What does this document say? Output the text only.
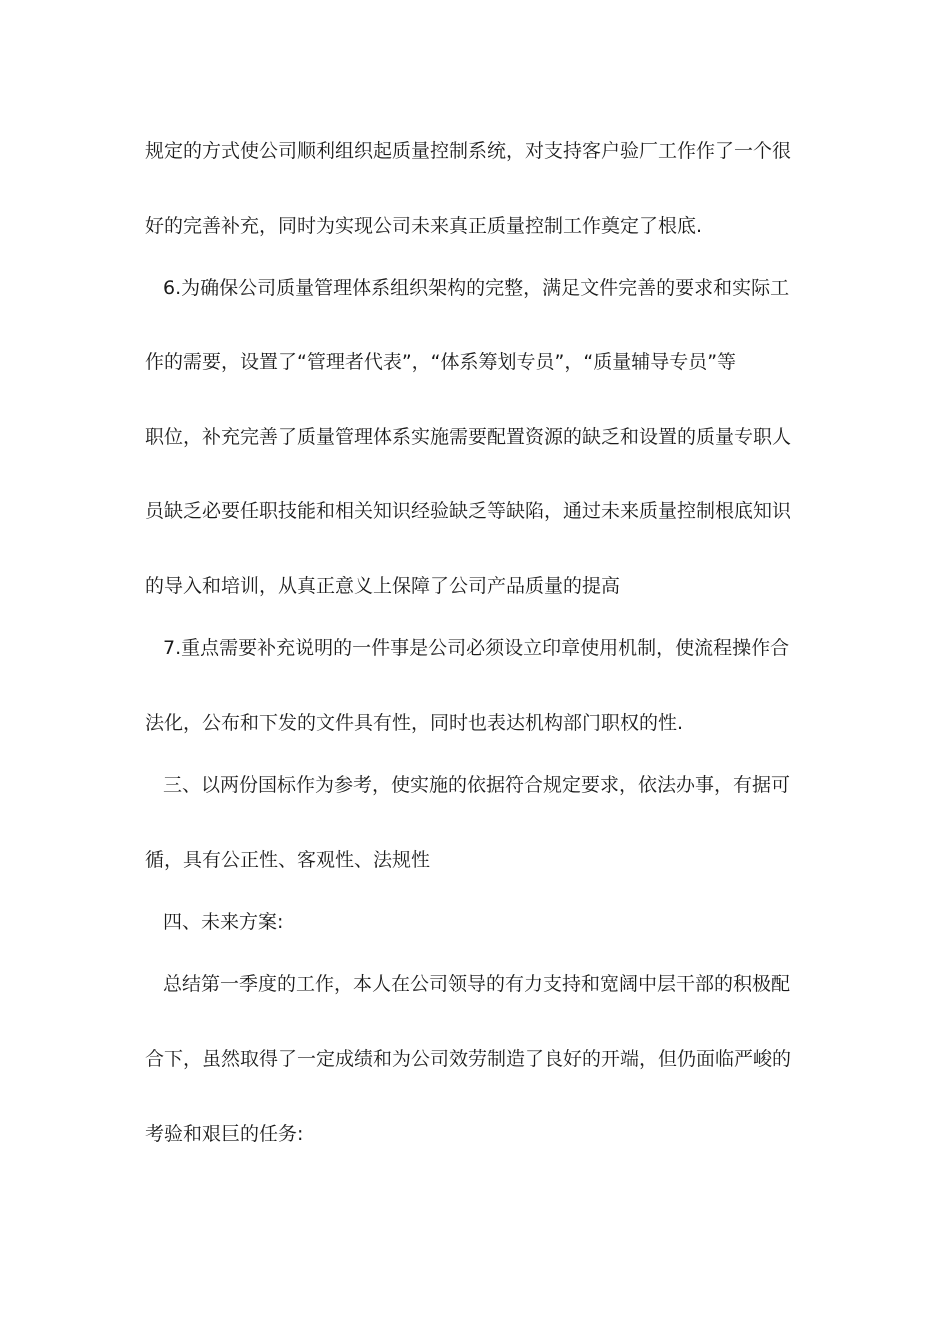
规定的方式使公司顺利组织起质量控制系统，对支持客户验厂工作作了一个很
好的完善补充，同时为实现公司未来真正质量控制工作奠定了根底.
6.为确保公司质量管理体系组织架构的完整，满足文件完善的要求和实际工
作的需要，设置了“管理者代表”，“体系筹划专员”，“质量辅导专员”等
职位，补充完善了质量管理体系实施需要配置资源的缺乏和设置的质量专职人
员缺乏必要任职技能和相关知识经验缺乏等缺陷，通过未来质量控制根底知识
的导入和培训，从真正意义上保障了公司产品质量的提高
7.重点需要补充说明的一件事是公司必须设立印章使用机制，使流程操作合
法化，公布和下发的文件具有性，同时也表达机构部门职权的性.
三、以两份国标作为参考，使实施的依据符合规定要求，依法办事，有据可
循，具有公正性、客观性、法规性
四、未来方案:
总结第一季度的工作，本人在公司领导的有力支持和宽阔中层干部的积极配
合下，虽然取得了一定成绩和为公司效劳制造了良好的开端，但仍面临严峻的
考验和艰巨的任务:
